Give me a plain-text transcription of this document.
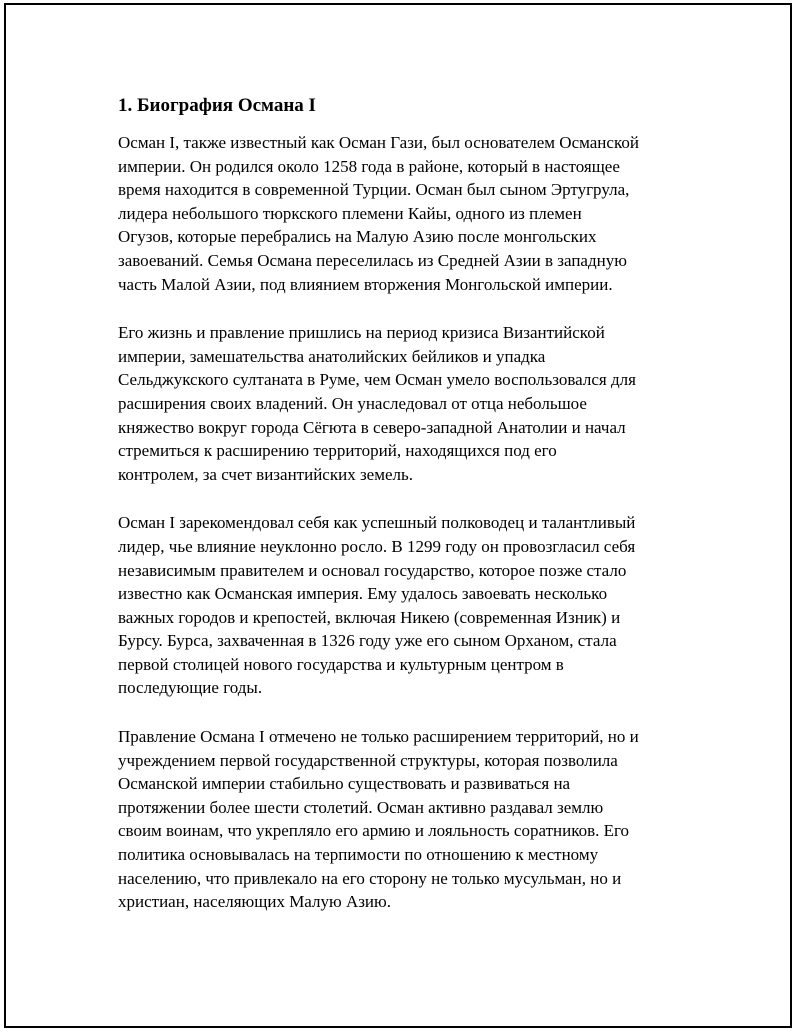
1. Биография Османа I

Осман I, также известный как Осман Гази, был основателем Османской
империи. Он родился около 1258 года в районе, который в настоящее
время находится в современной Турции. Осман был сыном Эртугрула,
лидера небольшого тюркского племени Кайы, одного из племен
Огузов, которые перебрались на Малую Азию после монгольских
завоеваний. Семья Османа переселилась из Средней Азии в западную
часть Малой Азии, под влиянием вторжения Монгольской империи.

Его жизнь и правление пришлись на период кризиса Византийской
империи, замешательства анатолийских бейликов и упадка
Сельджукского султаната в Руме, чем Осман умело воспользовался для
расширения своих владений. Он унаследовал от отца небольшое
княжество вокруг города Сёгюта в северо-западной Анатолии и начал
стремиться к расширению территорий, находящихся под его
контролем, за счет византийских земель.

Осман I зарекомендовал себя как успешный полководец и талантливый
лидер, чье влияние неуклонно росло. В 1299 году он провозгласил себя
независимым правителем и основал государство, которое позже стало
известно как Османская империя. Ему удалось завоевать несколько
важных городов и крепостей, включая Никею (современная Изник) и
Бурсу. Бурса, захваченная в 1326 году уже его сыном Орханом, стала
первой столицей нового государства и культурным центром в
последующие годы.

Правление Османа I отмечено не только расширением территорий, но и
учреждением первой государственной структуры, которая позволила
Османской империи стабильно существовать и развиваться на
протяжении более шести столетий. Осман активно раздавал землю
своим воинам, что укрепляло его армию и лояльность соратников. Его
политика основывалась на терпимости по отношению к местному
населению, что привлекало на его сторону не только мусульман, но и
христиан, населяющих Малую Азию.
